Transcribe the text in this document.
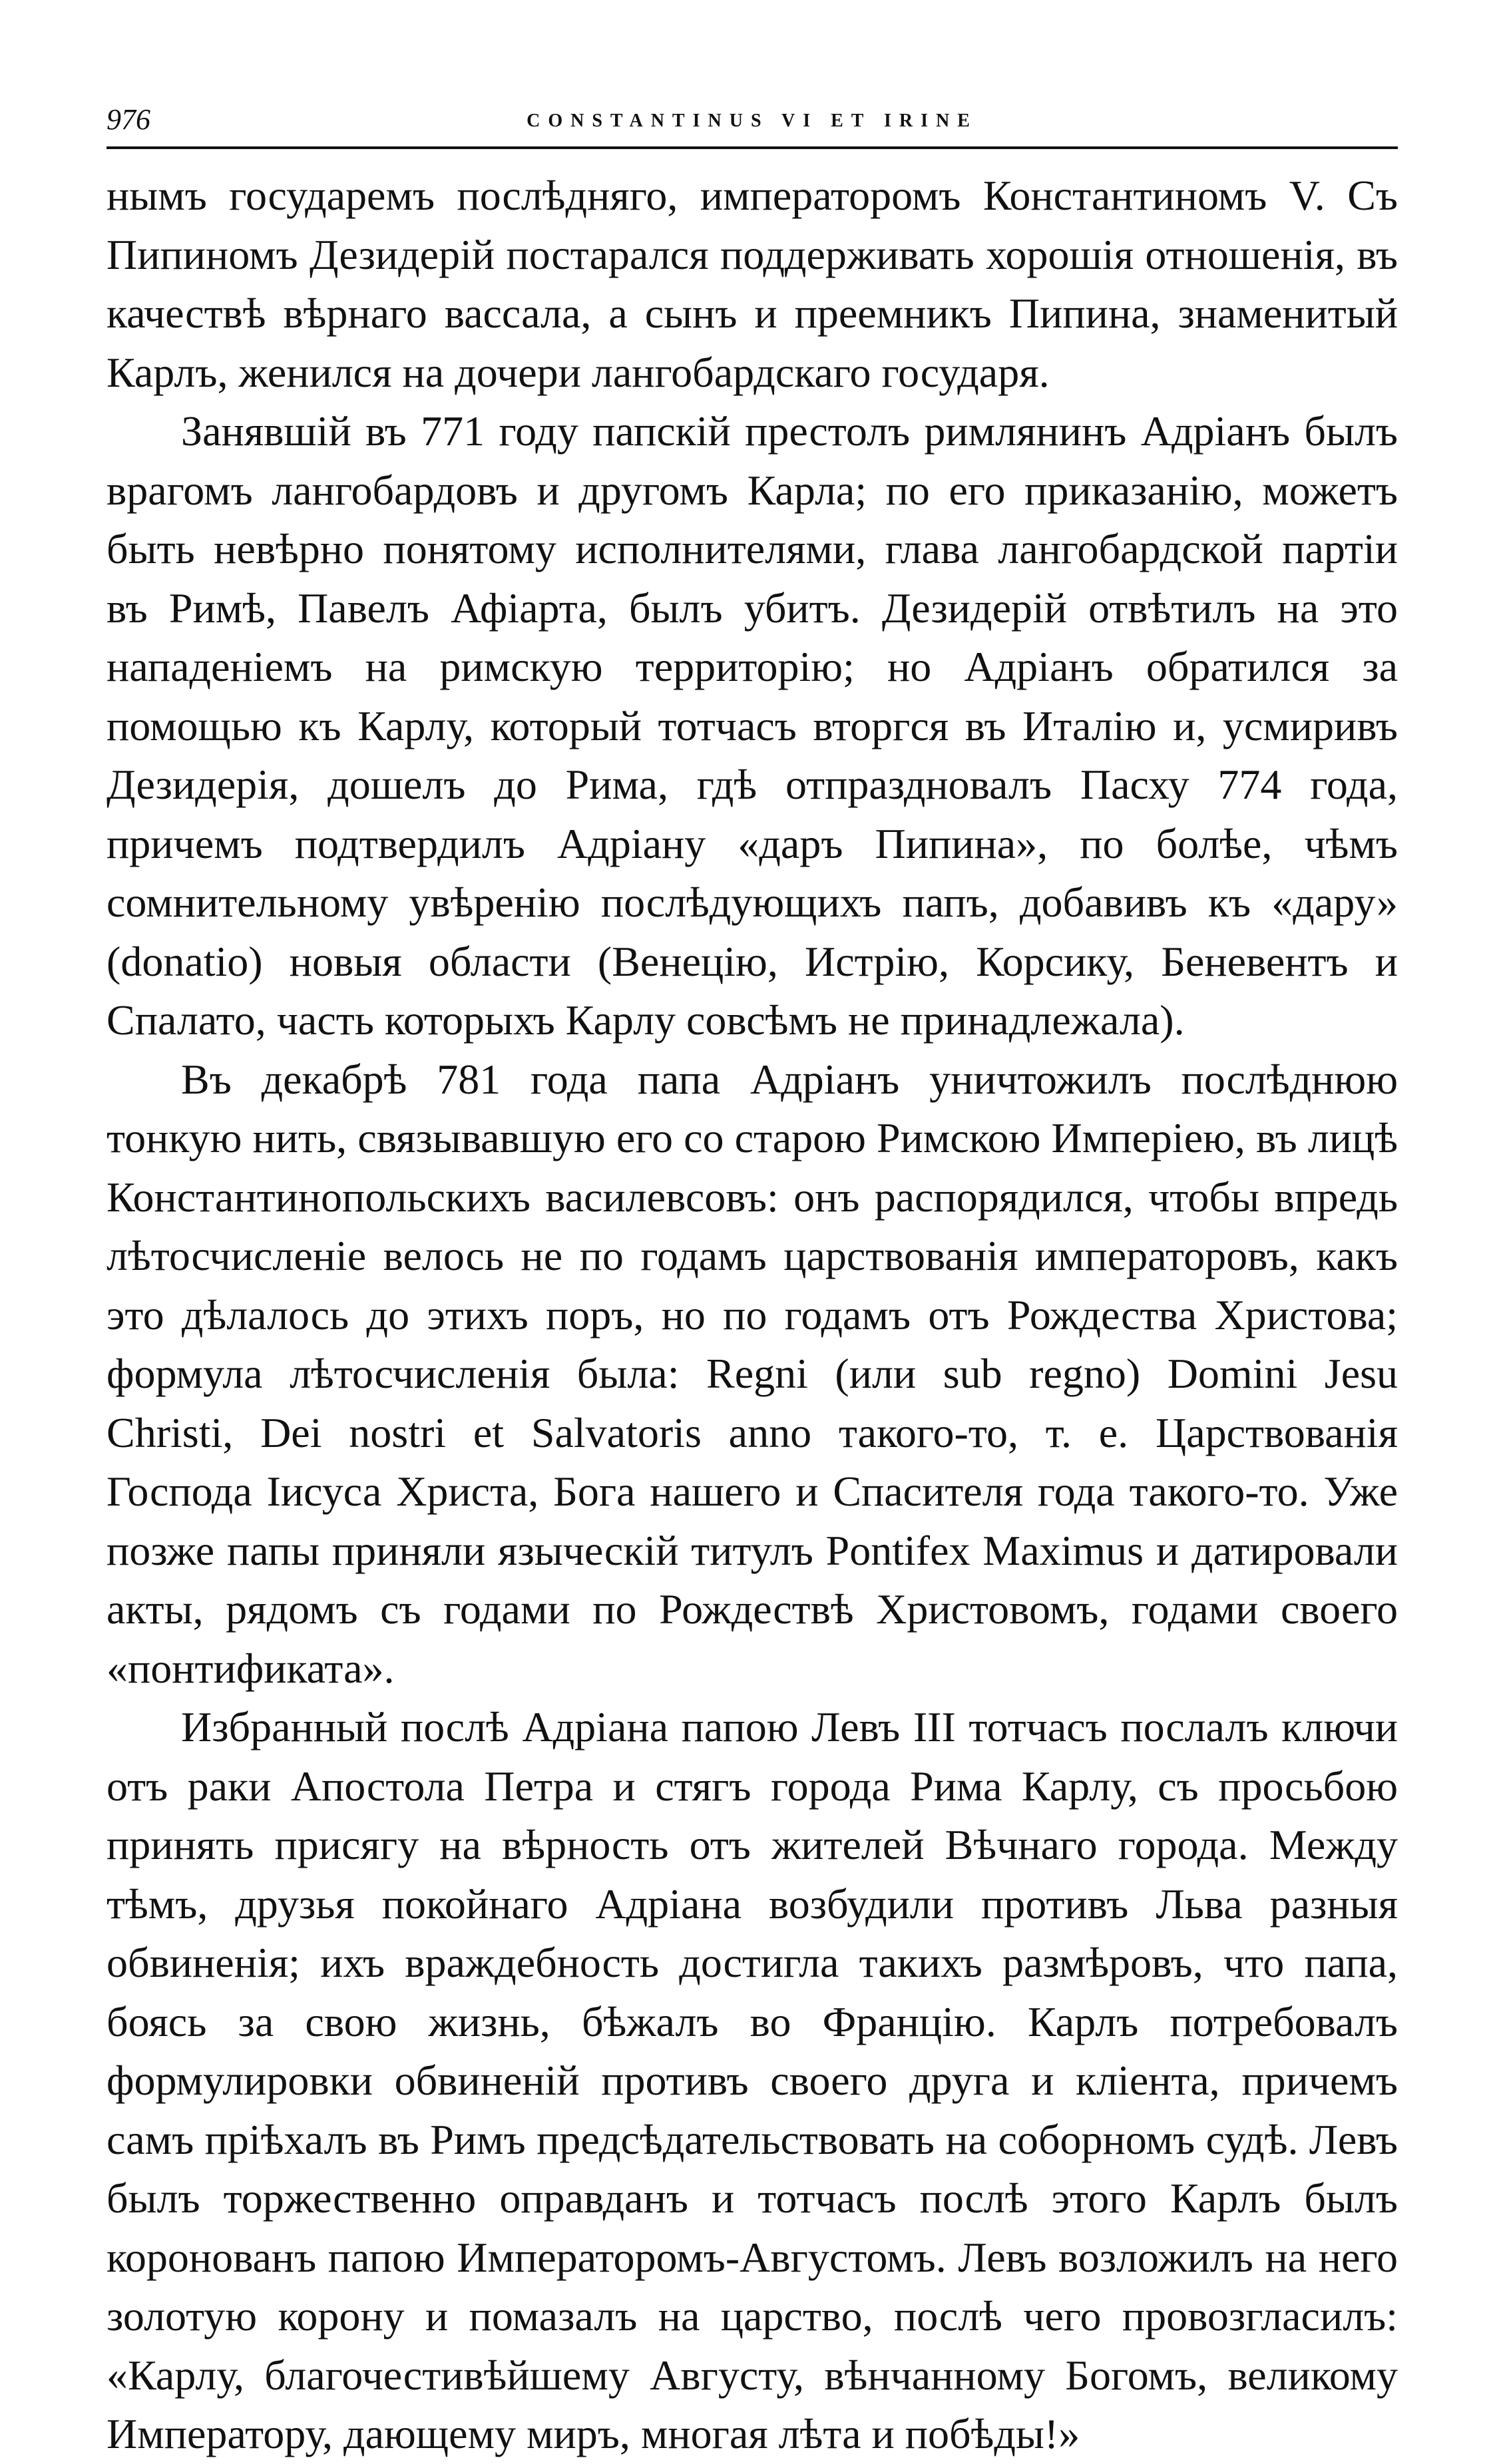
976	CONSTANTINUS VI ET IRINE

нымъ государемъ послѣдняго, императоромъ Константиномъ V. Съ Пипиномъ Дезидерій постарался поддерживать хорошія отношенія, въ качествѣ вѣрнаго вассала, а сынъ и преемникъ Пипина, знаменитый Карлъ, женился на дочери лангобардскаго государя.

Занявшій въ 771 году папскій престолъ римлянинъ Адріанъ былъ врагомъ лангобардовъ и другомъ Карла; по его приказанію, можетъ быть невѣрно понятому исполнителями, глава лангобардской партіи въ Римѣ, Павелъ Афіарта, былъ убитъ. Дезидерій отвѣтилъ на это нападеніемъ на римскую территорію; но Адріанъ обратился за помощью къ Карлу, который тотчасъ вторгся въ Италію и, усмиривъ Дезидерія, дошелъ до Рима, гдѣ отпраздновалъ Пасху 774 года, причемъ подтвердилъ Адріану «даръ Пипина», по болѣе, чѣмъ сомнительному увѣренію послѣдующихъ папъ, добавивъ къ «дару» (donatio) новыя области (Венецію, Истрію, Корсику, Беневентъ и Спалато, часть которыхъ Карлу совсѣмъ не принадлежала).

Въ декабрѣ 781 года папа Адріанъ уничтожилъ послѣднюю тонкую нить, связывавшую его со старою Римскою Имперіею, въ лицѣ Константинопольскихъ василевсовъ: онъ распорядился, чтобы впредь лѣтосчисленіе велось не по годамъ царствованія императоровъ, какъ это дѣлалось до этихъ поръ, но по годамъ отъ Рождества Христова; формула лѣтосчисленія была: Regni (или sub regno) Domini Jesu Christi, Dei nostri et Salvatoris anno такого-то, т. е. Царствованія Господа Іисуса Христа, Бога нашего и Спасителя года такого-то. Уже позже папы приняли языческій титулъ Pontifex Maximus и датировали акты, рядомъ съ годами по Рождествѣ Христовомъ, годами своего «понтификата».

Избранный послѣ Адріана папою Левъ III тотчасъ послалъ ключи отъ раки Апостола Петра и стягъ города Рима Карлу, съ просьбою принять присягу на вѣрность отъ жителей Вѣчнаго города. Между тѣмъ, друзья покойнаго Адріана возбудили противъ Льва разныя обвиненія; ихъ враждебность достигла такихъ размѣровъ, что папа, боясь за свою жизнь, бѣжалъ во Францію. Карлъ потребовалъ формулировки обвиненій противъ своего друга и кліента, причемъ самъ пріѣхалъ въ Римъ предсѣдательствовать на соборномъ судѣ. Левъ былъ торжественно оправданъ и тотчасъ послѣ этого Карлъ былъ коронованъ папою Императоромъ-Августомъ. Левъ возложилъ на него золотую корону и помазалъ на царство, послѣ чего провозгласилъ: «Карлу, благочестивѣйшему Августу, вѣнчанному Богомъ, великому Императору, дающему миръ, многая лѣта и побѣды!»
